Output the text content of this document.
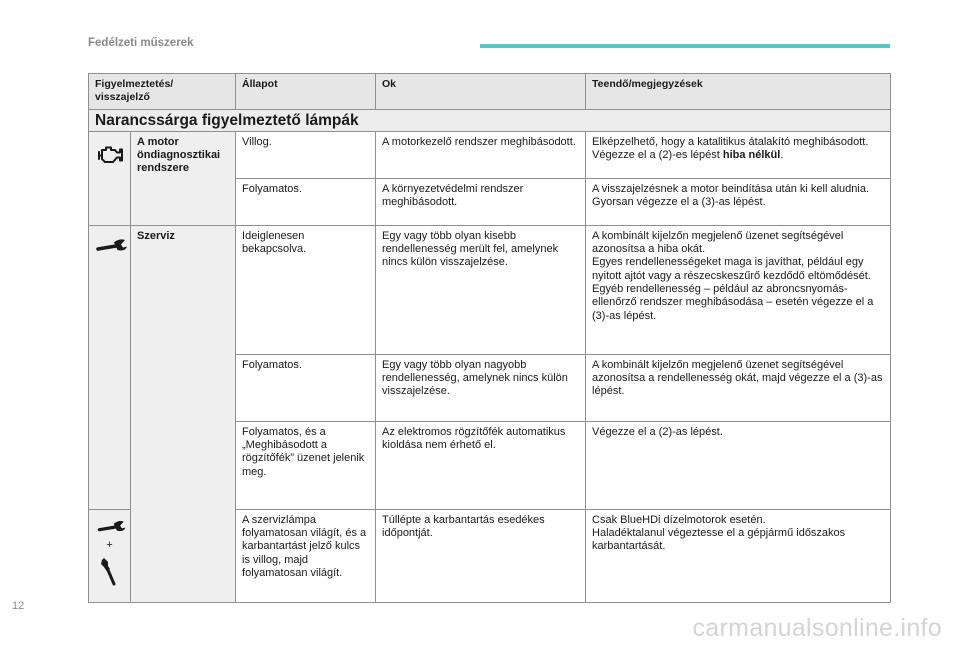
Fedélzeti műszerek
Figyelmeztetés/ visszajelző		Állapot	Ok	Teendő/megjegyzések
Narancssárga figyelmeztető lámpák				

	A motor öndiagnosztikai rendszere	Villog.	A motorkezelő rendszer meghibásodott.	Elképzelhető, hogy a katalitikus átalakító meghibásodott.
Végezze el a (2)-es lépést hiba nélkül.

		Folyamatos.	A környezetvédelmi rendszer meghibásodott.	A visszajelzésnek a motor beindítása után ki kell aludnia.
Gyorsan végezze el a (3)-as lépést.

	Szerviz	Ideiglenesen bekapcsolva.	Egy vagy több olyan kisebb rendellenesség merült fel, amelynek nincs külön visszajelzése.	A kombinált kijelzőn megjelenő üzenet segítségével azonosítsa a hiba okát.
Egyes rendellenességeket maga is javíthat, például egy nyitott ajtót vagy a részecskeszűrő kezdődő eltömődését.
Egyéb rendellenesség – például az abroncsnyomás-ellenőrző rendszer meghibásodása – esetén végezze el a (3)-as lépést.

		Folyamatos.	Egy vagy több olyan nagyobb rendellenesség, amelynek nincs külön visszajelzése.	A kombinált kijelzőn megjelenő üzenet segítségével azonosítsa a rendellenesség okát, majd végezze el a (3)-as lépést.
		Folyamatos, és a „Meghibásodott a rögzítőfék” üzenet jelenik meg.	Az elektromos rögzítőfék automatikus kioldása nem érhető el.	Végezze el a (2)-as lépést.

+		A szervizlámpa folyamatosan világít, és a karbantartást jelző kulcs is villog, majd folyamatosan világít.	Túllépte a karbantartás esedékes időpontját.	Csak BlueHDi dízelmotorok esetén.
Haladéktalanul végeztesse el a gépjármű időszakos karbantartását.
12
carmanualsonline.info
